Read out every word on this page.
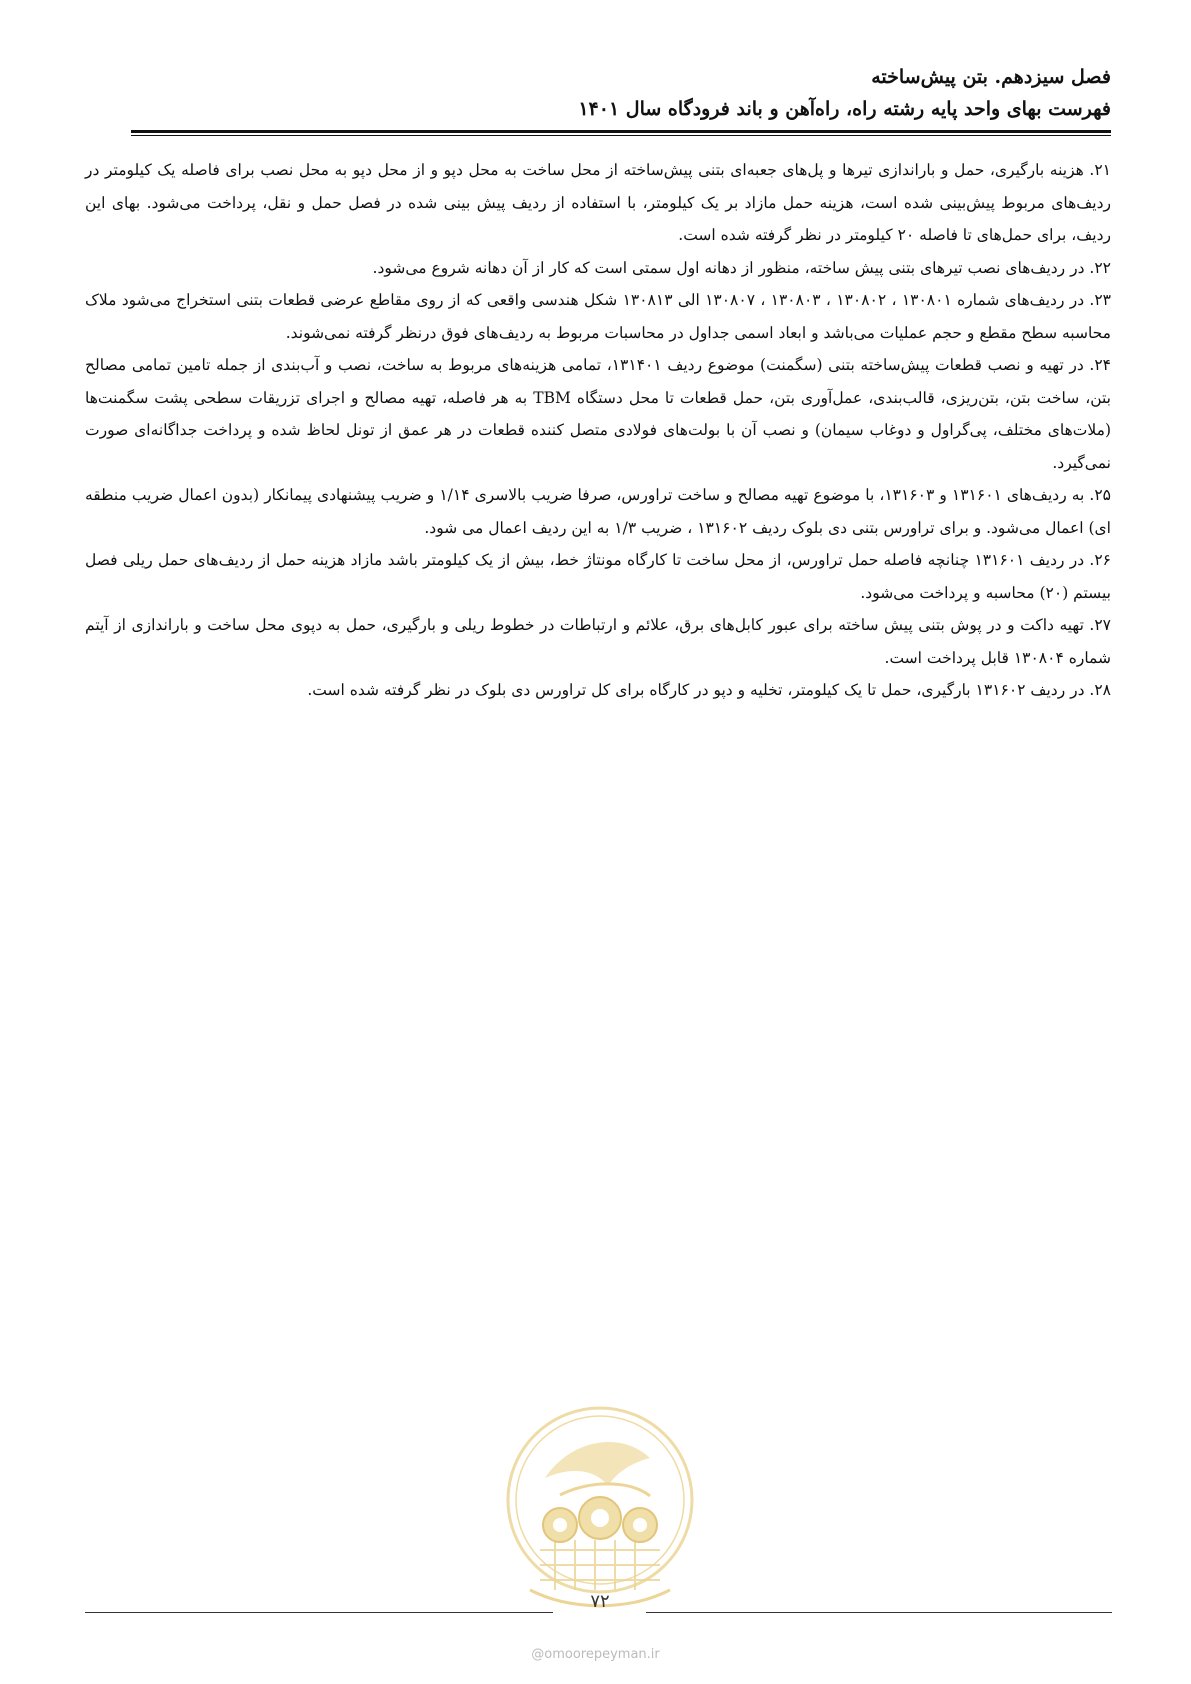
فصل سیزدهم. بتن پیش‌ساخته
فهرست بهای واحد پایه رشته راه، راه‌آهن و باند فرودگاه سال ۱۴۰۱

۲۱. هزینه بارگیری، حمل و باراندازی تیرها و پل‌های جعبه‌ای بتنی پیش‌ساخته از محل ساخت به محل دپو و از محل دپو به محل نصب برای فاصله یک کیلومتر در ردیف‌های مربوط پیش‌بینی شده است، هزینه حمل مازاد بر یک کیلومتر، با استفاده از ردیف پیش بینی شده در فصل حمل و نقل، پرداخت می‌شود. بهای این ردیف، برای حمل‌های تا فاصله ۲۰ کیلومتر در نظر گرفته شده است.

۲۲. در ردیف‌های نصب تیرهای بتنی پیش ساخته، منظور از دهانه اول سمتی است که کار از آن دهانه شروع می‌شود.

۲۳. در ردیف‌های شماره ۱۳۰۸۰۱ ، ۱۳۰۸۰۲ ، ۱۳۰۸۰۳ ، ۱۳۰۸۰۷ الی ۱۳۰۸۱۳ شکل هندسی واقعی که از روی مقاطع عرضی قطعات بتنی استخراج می‌شود ملاک محاسبه سطح مقطع و حجم عملیات می‌باشد و ابعاد اسمی جداول در محاسبات مربوط به ردیف‌های فوق درنظر گرفته نمی‌شوند.

۲۴. در تهیه و نصب قطعات پیش‌ساخته بتنی (سگمنت) موضوع ردیف ۱۳۱۴۰۱، تمامی هزینه‌های مربوط به ساخت، نصب و آب‌بندی از جمله تامین تمامی مصالح بتن، ساخت بتن، بتن‌ریزی، قالب‌بندی، عمل‌آوری بتن، حمل قطعات تا محل دستگاه TBM به هر فاصله، تهیه مصالح و اجرای تزریقات سطحی پشت سگمنت‌ها (ملات‌های مختلف، پی‌گراول و دوغاب سیمان) و نصب آن با بولت‌های فولادی متصل کننده قطعات در هر عمق از تونل لحاظ شده و پرداخت جداگانه‌ای صورت نمی‌گیرد.

۲۵. به ردیف‌های ۱۳۱۶۰۱ و ۱۳۱۶۰۳، با موضوع تهیه مصالح و ساخت تراورس، صرفا ضریب بالاسری ۱/۱۴ و ضریب پیشنهادی پیمانکار (بدون اعمال ضریب منطقه ای) اعمال می‌شود. و برای تراورس بتنی دی بلوک ردیف ۱۳۱۶۰۲ ، ضریب ۱/۳ به این ردیف اعمال می شود.

۲۶. در ردیف ۱۳۱۶۰۱ چنانچه فاصله حمل تراورس، از محل ساخت تا کارگاه مونتاژ خط، بیش از یک کیلومتر باشد مازاد هزینه حمل از ردیف‌های حمل ریلی فصل بیستم (۲۰) محاسبه و پرداخت می‌شود.

۲۷. تهیه داکت و در پوش بتنی پیش ساخته برای عبور کابل‌های برق، علائم و ارتباطات در خطوط ریلی و بارگیری، حمل به دپوی محل ساخت و باراندازی از آیتم شماره ۱۳۰۸۰۴ قابل پرداخت است.

۲۸. در ردیف ۱۳۱۶۰۲ بارگیری، حمل تا یک کیلومتر، تخلیه و دپو در کارگاه برای کل تراورس دی بلوک در نظر گرفته شده است.

۷۲
@omoorepeyman.ir
